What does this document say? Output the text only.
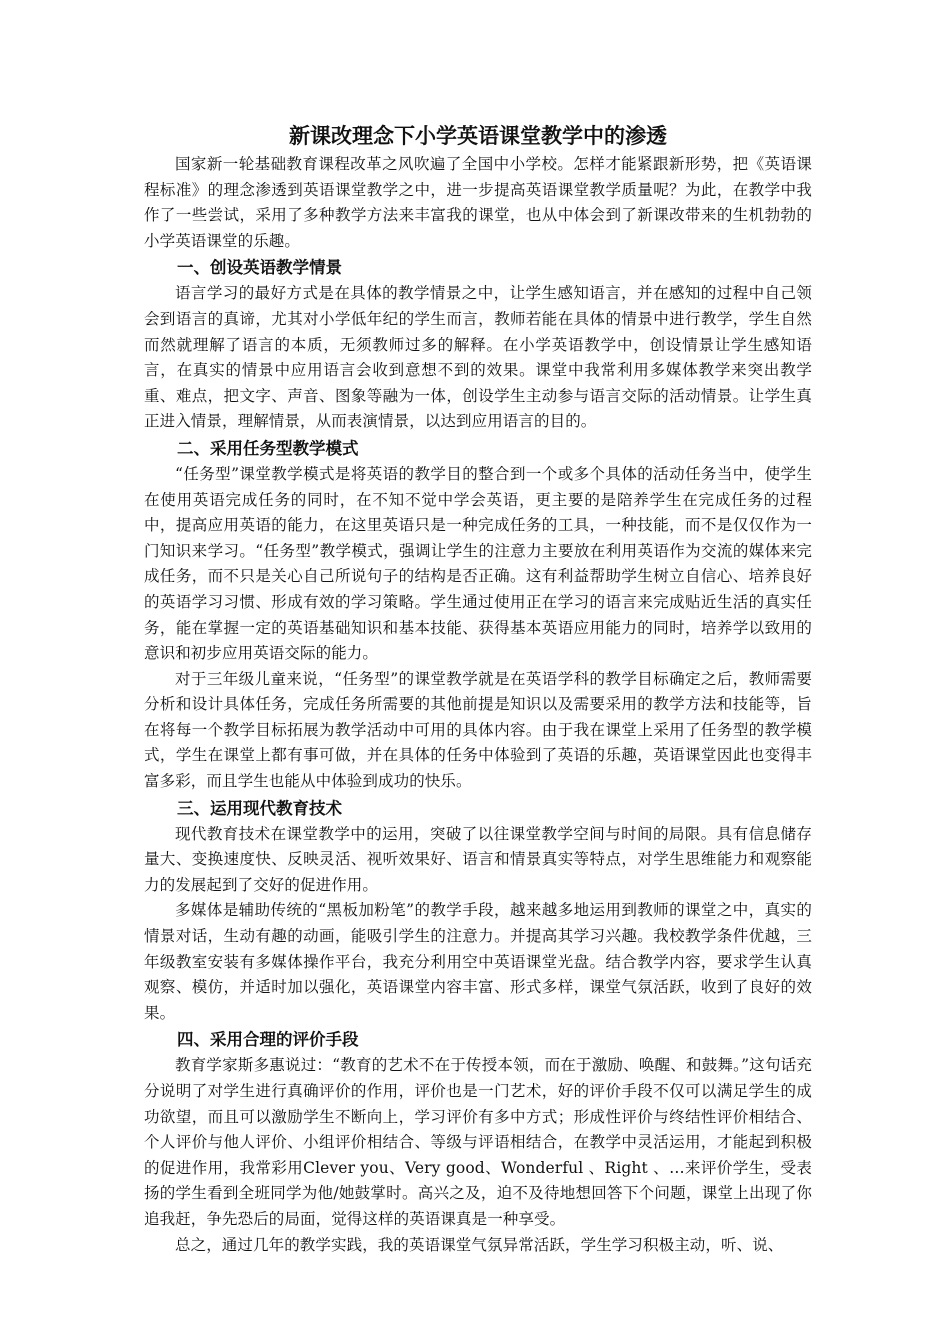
新课改理念下小学英语课堂教学中的渗透

国家新一轮基础教育课程改革之风吹遍了全国中小学校。怎样才能紧跟新形势，把《英语课程标准》的理念渗透到英语课堂教学之中，进一步提高英语课堂教学质量呢？为此，在教学中我作了一些尝试，采用了多种教学方法来丰富我的课堂，也从中体会到了新课改带来的生机勃勃的小学英语课堂的乐趣。

一、创设英语教学情景

语言学习的最好方式是在具体的教学情景之中，让学生感知语言，并在感知的过程中自己领会到语言的真谛，尤其对小学低年纪的学生而言，教师若能在具体的情景中进行教学，学生自然而然就理解了语言的本质，无须教师过多的解释。在小学英语教学中，创设情景让学生感知语言，在真实的情景中应用语言会收到意想不到的效果。课堂中我常利用多媒体教学来突出教学重、难点，把文字、声音、图象等融为一体，创设学生主动参与语言交际的活动情景。让学生真正进入情景，理解情景，从而表演情景，以达到应用语言的目的。

二、采用任务型教学模式

“任务型”课堂教学模式是将英语的教学目的整合到一个或多个具体的活动任务当中，使学生在使用英语完成任务的同时，在不知不觉中学会英语，更主要的是陪养学生在完成任务的过程中，提高应用英语的能力，在这里英语只是一种完成任务的工具，一种技能，而不是仅仅作为一门知识来学习。“任务型”教学模式，强调让学生的注意力主要放在利用英语作为交流的媒体来完成任务，而不只是关心自己所说句子的结构是否正确。这有利益帮助学生树立自信心、培养良好的英语学习习惯、形成有效的学习策略。学生通过使用正在学习的语言来完成贴近生活的真实任务，能在掌握一定的英语基础知识和基本技能、获得基本英语应用能力的同时，培养学以致用的意识和初步应用英语交际的能力。

对于三年级儿童来说，“任务型”的课堂教学就是在英语学科的教学目标确定之后，教师需要分析和设计具体任务，完成任务所需要的其他前提是知识以及需要采用的教学方法和技能等，旨在将每一个教学目标拓展为教学活动中可用的具体内容。由于我在课堂上采用了任务型的教学模式，学生在课堂上都有事可做，并在具体的任务中体验到了英语的乐趣，英语课堂因此也变得丰富多彩，而且学生也能从中体验到成功的快乐。

三、运用现代教育技术

现代教育技术在课堂教学中的运用，突破了以往课堂教学空间与时间的局限。具有信息储存量大、变换速度快、反映灵活、视听效果好、语言和情景真实等特点，对学生思维能力和观察能力的发展起到了交好的促进作用。

多媒体是辅助传统的“黑板加粉笔”的教学手段，越来越多地运用到教师的课堂之中，真实的情景对话，生动有趣的动画，能吸引学生的注意力。并提高其学习兴趣。我校教学条件优越，三年级教室安装有多媒体操作平台，我充分利用空中英语课堂光盘。结合教学内容，要求学生认真观察、模仿，并适时加以强化，英语课堂内容丰富、形式多样，课堂气氛活跃，收到了良好的效果。

四、采用合理的评价手段

教育学家斯多惠说过：“教育的艺术不在于传授本领，而在于激励、唤醒、和鼓舞。”这句话充分说明了对学生进行真确评价的作用，评价也是一门艺术，好的评价手段不仅可以满足学生的成功欲望，而且可以激励学生不断向上，学习评价有多中方式；形成性评价与终结性评价相结合、个人评价与他人评价、小组评价相结合、等级与评语相结合，在教学中灵活运用，才能起到积极的促进作用，我常彩用Clever you、Very good、Wonderful 、Right 、…来评价学生，受表扬的学生看到全班同学为他/她鼓掌时。高兴之及，迫不及待地想回答下个问题，课堂上出现了你追我赶，争先恐后的局面，觉得这样的英语课真是一种享受。

总之，通过几年的教学实践，我的英语课堂气氛异常活跃，学生学习积极主动，听、说、
